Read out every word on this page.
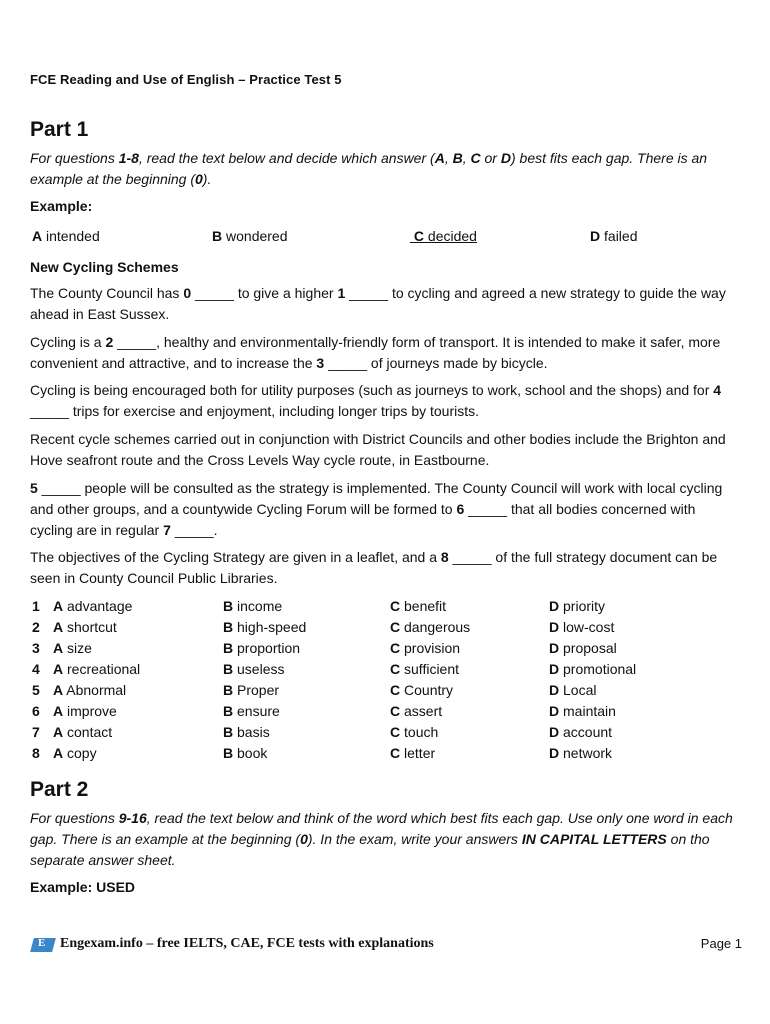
FCE Reading and Use of English – Practice Test 5
Part 1
For questions 1-8, read the text below and decide which answer (A, B, C or D) best fits each gap. There is an example at the beginning (0).
Example:
A intended	B wondered	C decided	D failed
New Cycling Schemes
The County Council has 0 _____ to give a higher 1 _____ to cycling and agreed a new strategy to guide the way ahead in East Sussex.
Cycling is a 2 _____, healthy and environmentally-friendly form of transport. It is intended to make it safer, more convenient and attractive, and to increase the 3 _____ of journeys made by bicycle.
Cycling is being encouraged both for utility purposes (such as journeys to work, school and the shops) and for 4 _____ trips for exercise and enjoyment, including longer trips by tourists.
Recent cycle schemes carried out in conjunction with District Councils and other bodies include the Brighton and Hove seafront route and the Cross Levels Way cycle route, in Eastbourne.
5 _____ people will be consulted as the strategy is implemented. The County Council will work with local cycling and other groups, and a countywide Cycling Forum will be formed to 6 _____ that all bodies concerned with cycling are in regular 7 _____.
The objectives of the Cycling Strategy are given in a leaflet, and a 8 _____ of the full strategy document can be seen in County Council Public Libraries.
1 A advantage	B income	C benefit	D priority
2 A shortcut	B high-speed	C dangerous	D low-cost
3 A size	B proportion	C provision	D proposal
4 A recreational	B useless	C sufficient	D promotional
5 A Abnormal	B Proper	C Country	D Local
6 A improve	B ensure	C assert	D maintain
7 A contact	B basis	C touch	D account
8 A copy	B book	C letter	D network
Part 2
For questions 9-16, read the text below and think of the word which best fits each gap. Use only one word in each gap. There is an example at the beginning (0). In the exam, write your answers IN CAPITAL LETTERS on tho separate answer sheet.
Example: USED
E Engexam.info – free IELTS, CAE, FCE tests with explanations	Page 1
